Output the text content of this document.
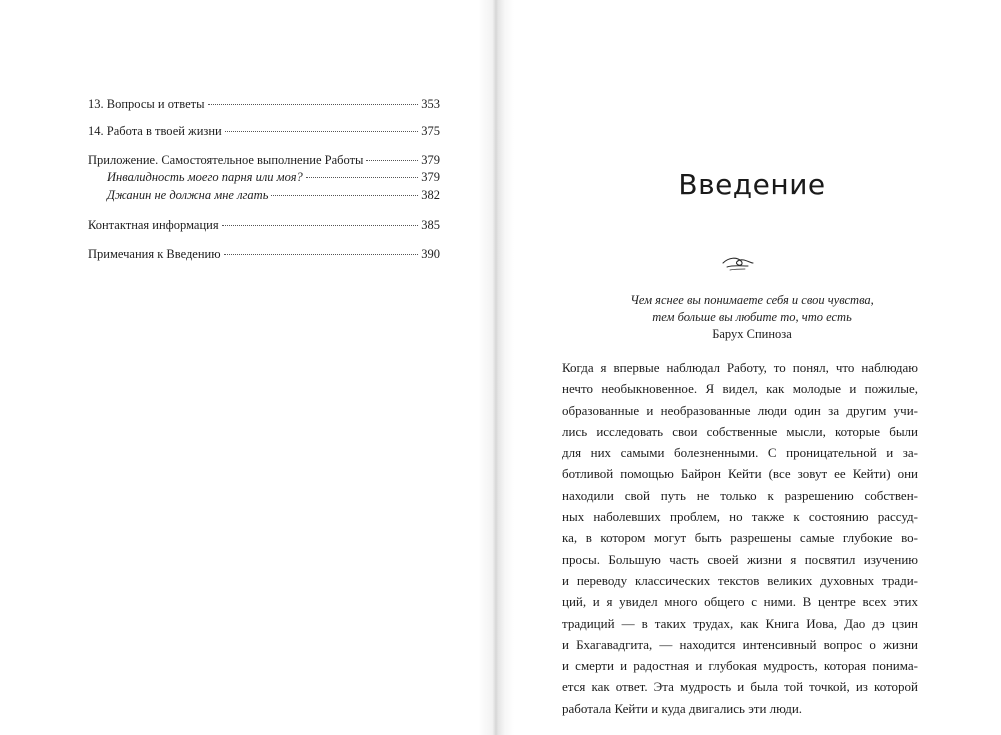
13. Вопросы и ответы	353
14. Работа в твоей жизни	375
Приложение. Самостоятельное выполнение Работы	379
Инвалидность моего парня или моя?	379
Джанин не должна мне лгать	382
Контактная информация	385
Примечания к Введению	390
Введение
Чем яснее вы понимаете себя и свои чувства,
тем больше вы любите то, что есть
Барух Спиноза
Когда я впервые наблюдал Работу, то понял, что наблюдаю
нечто необыкновенное. Я видел, как молодые и пожилые,
образованные и необразованные люди один за другим учи-
лись исследовать свои собственные мысли, которые были
для них самыми болезненными. С проницательной и за-
ботливой помощью Байрон Кейти (все зовут ее Кейти) они
находили свой путь не только к разрешению собствен-
ных наболевших проблем, но также к состоянию рассуд-
ка, в котором могут быть разрешены самые глубокие во-
просы. Большую часть своей жизни я посвятил изучению
и переводу классических текстов великих духовных тради-
ций, и я увидел много общего с ними. В центре всех этих
традиций — в таких трудах, как Книга Иова, Дао дэ цзин
и Бхагавадгита, — находится интенсивный вопрос о жизни
и смерти и радостная и глубокая мудрость, которая понима-
ется как ответ. Эта мудрость и была той точкой, из которой
работала Кейти и куда двигались эти люди.
